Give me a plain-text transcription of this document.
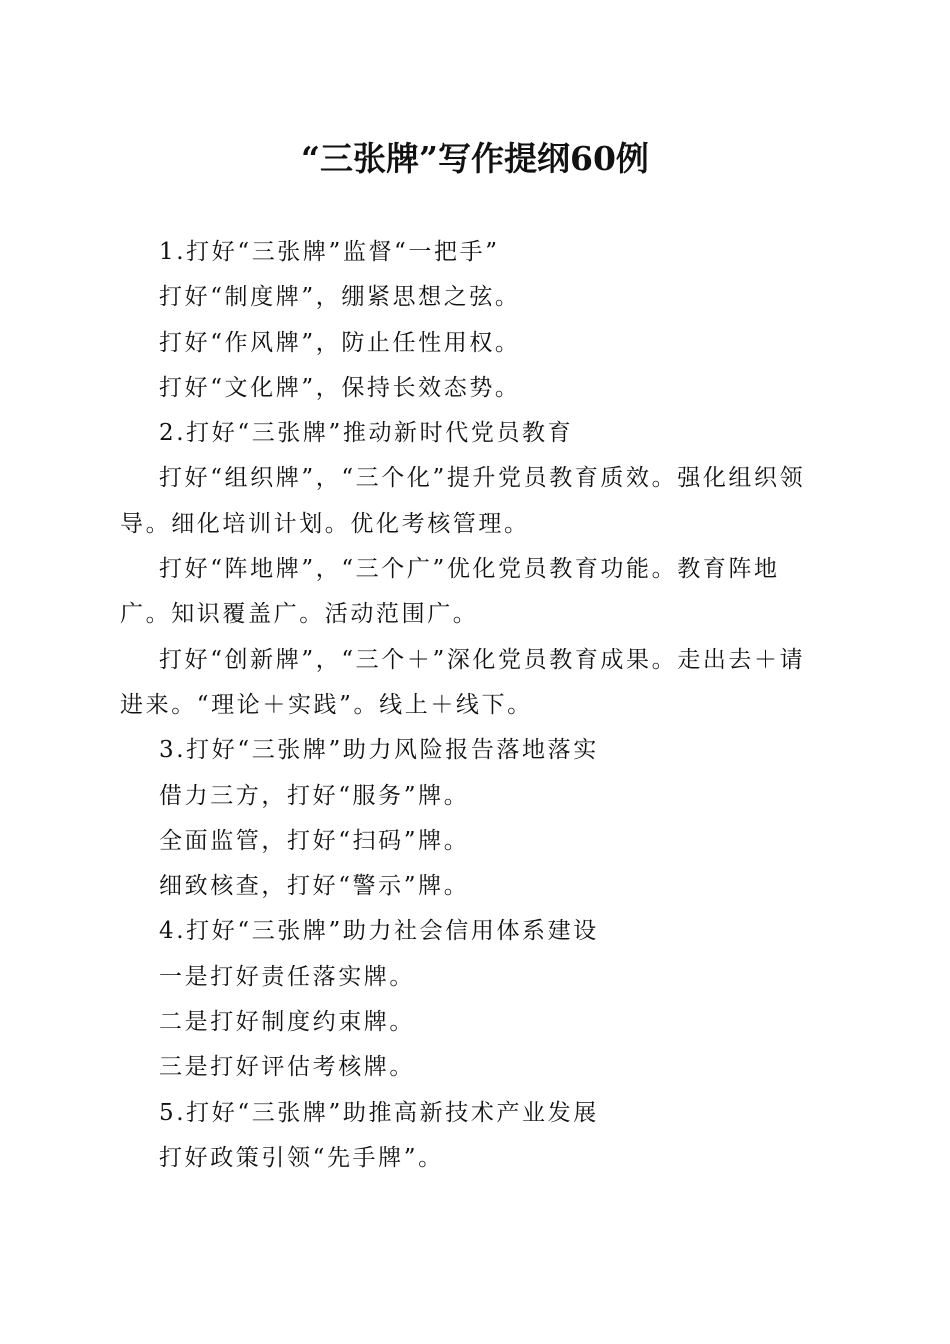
“三张牌”写作提纲60例

1.打好“三张牌”监督“一把手”

打好“制度牌”，绷紧思想之弦。

打好“作风牌”，防止任性用权。

打好“文化牌”，保持长效态势。

2.打好“三张牌”推动新时代党员教育

打好“组织牌”，“三个化”提升党员教育质效。强化组织领导。细化培训计划。优化考核管理。

打好“阵地牌”，“三个广”优化党员教育功能。教育阵地广。知识覆盖广。活动范围广。

打好“创新牌”，“三个＋”深化党员教育成果。走出去＋请进来。“理论＋实践”。线上＋线下。

3.打好“三张牌”助力风险报告落地落实

借力三方，打好“服务”牌。

全面监管，打好“扫码”牌。

细致核查，打好“警示”牌。

4.打好“三张牌”助力社会信用体系建设

一是打好责任落实牌。

二是打好制度约束牌。

三是打好评估考核牌。

5.打好“三张牌”助推高新技术产业发展

打好政策引领“先手牌”。
